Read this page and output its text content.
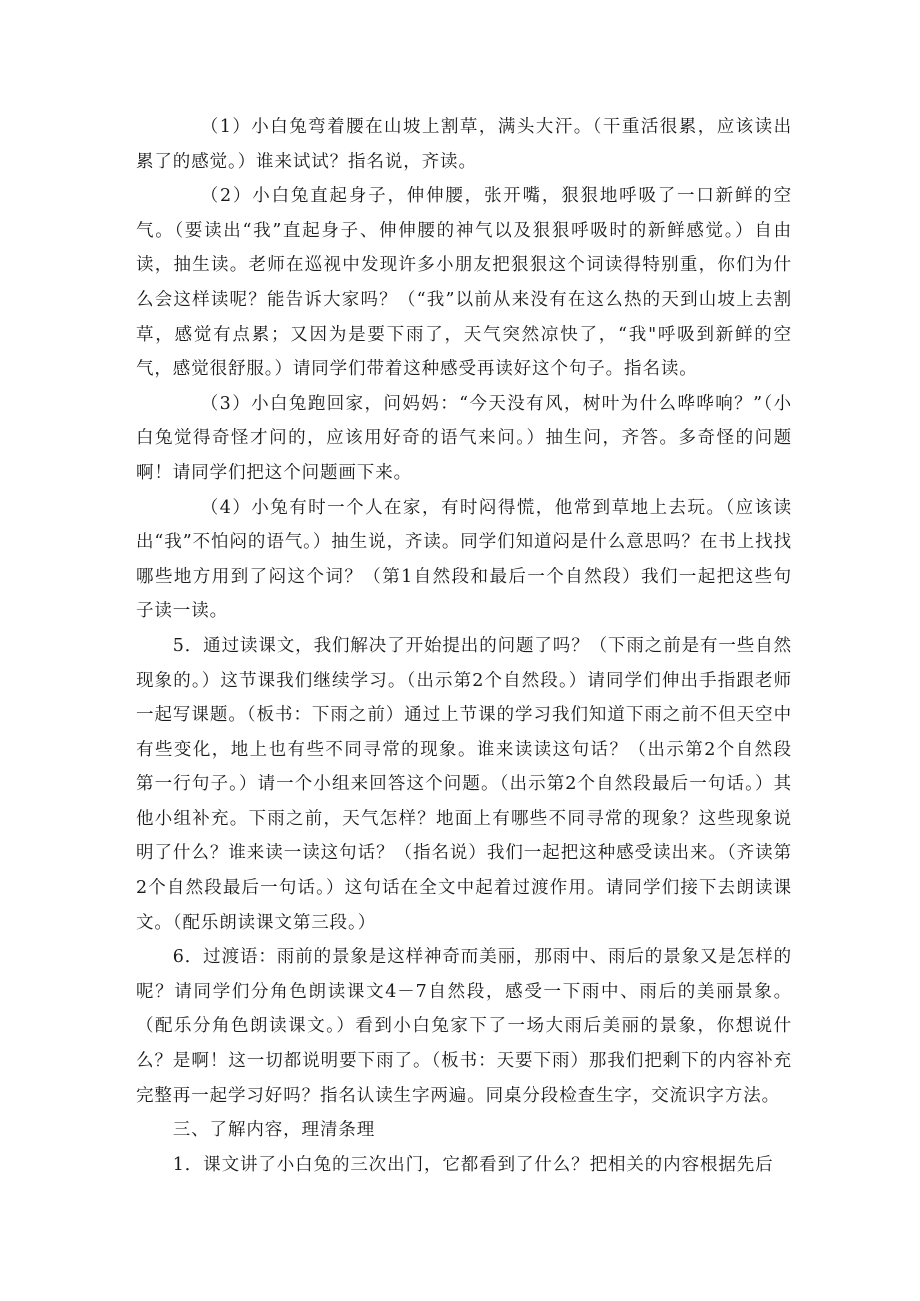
（1）小白兔弯着腰在山坡上割草，满头大汗。（干重活很累，应该读出累了的感觉。）谁来试试？指名说，齐读。

（2）小白兔直起身子，伸伸腰，张开嘴，狠狠地呼吸了一口新鲜的空气。（要读出“我”直起身子、伸伸腰的神气以及狠狠呼吸时的新鲜感觉。）自由读，抽生读。老师在巡视中发现许多小朋友把狠狠这个词读得特别重，你们为什么会这样读呢？能告诉大家吗？（“我”以前从来没有在这么热的天到山坡上去割草，感觉有点累；又因为是要下雨了，天气突然凉快了，“我"呼吸到新鲜的空气，感觉很舒服。）请同学们带着这种感受再读好这个句子。指名读。

（3）小白兔跑回家，问妈妈：“今天没有风，树叶为什么哗哗响？”（小白兔觉得奇怪才问的，应该用好奇的语气来问。）抽生问，齐答。多奇怪的问题啊！请同学们把这个问题画下来。

（4）小兔有时一个人在家，有时闷得慌，他常到草地上去玩。（应该读出“我”不怕闷的语气。）抽生说，齐读。同学们知道闷是什么意思吗？在书上找找哪些地方用到了闷这个词？（第1自然段和最后一个自然段）我们一起把这些句子读一读。

5．通过读课文，我们解决了开始提出的问题了吗？（下雨之前是有一些自然现象的。）这节课我们继续学习。（出示第2个自然段。）请同学们伸出手指跟老师一起写课题。（板书：下雨之前）通过上节课的学习我们知道下雨之前不但天空中有些变化，地上也有些不同寻常的现象。谁来读读这句话？（出示第2个自然段第一行句子。）请一个小组来回答这个问题。（出示第2个自然段最后一句话。）其他小组补充。下雨之前，天气怎样？地面上有哪些不同寻常的现象？这些现象说明了什么？谁来读一读这句话？（指名说）我们一起把这种感受读出来。（齐读第2个自然段最后一句话。）这句话在全文中起着过渡作用。请同学们接下去朗读课文。（配乐朗读课文第三段。）

6．过渡语：雨前的景象是这样神奇而美丽，那雨中、雨后的景象又是怎样的呢？请同学们分角色朗读课文4－7自然段，感受一下雨中、雨后的美丽景象。（配乐分角色朗读课文。）看到小白兔家下了一场大雨后美丽的景象，你想说什么？是啊！这一切都说明要下雨了。（板书：天要下雨）那我们把剩下的内容补充完整再一起学习好吗？指名认读生字两遍。同桌分段检查生字，交流识字方法。

三、了解内容，理清条理

1．课文讲了小白兔的三次出门，它都看到了什么？把相关的内容根据先后
